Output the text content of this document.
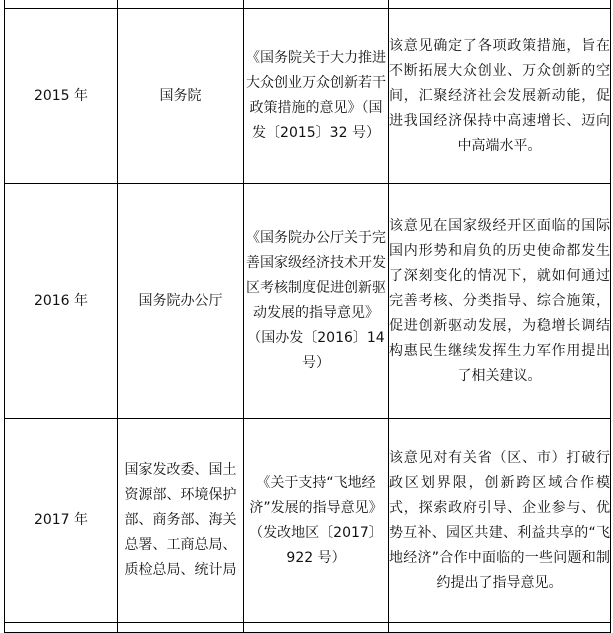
2015 年	国务院	《国务院关于大力推进大众创业万众创新若干政策措施的意见》（国发〔2015〕32 号）	该意见确定了各项政策措施，旨在不断拓展大众创业、万众创新的空间，汇聚经济社会发展新动能，促进我国经济保持中高速增长、迈向中高端水平。
2016 年	国务院办公厅	《国务院办公厅关于完善国家级经济技术开发区考核制度促进创新驱动发展的指导意见》（国办发〔2016〕14 号）	该意见在国家级经开区面临的国际国内形势和肩负的历史使命都发生了深刻变化的情况下，就如何通过完善考核、分类指导、综合施策，促进创新驱动发展，为稳增长调结构惠民生继续发挥生力军作用提出了相关建议。
2017 年	国家发改委、国土资源部、环境保护部、商务部、海关总署、工商总局、质检总局、统计局	《关于支持“飞地经济”发展的指导意见》（发改地区〔2017〕922 号）	该意见对有关省（区、市）打破行政区划界限，创新跨区域合作模式，探索政府引导、企业参与、优势互补、园区共建、利益共享的“飞地经济”合作中面临的一些问题和制约提出了指导意见。
